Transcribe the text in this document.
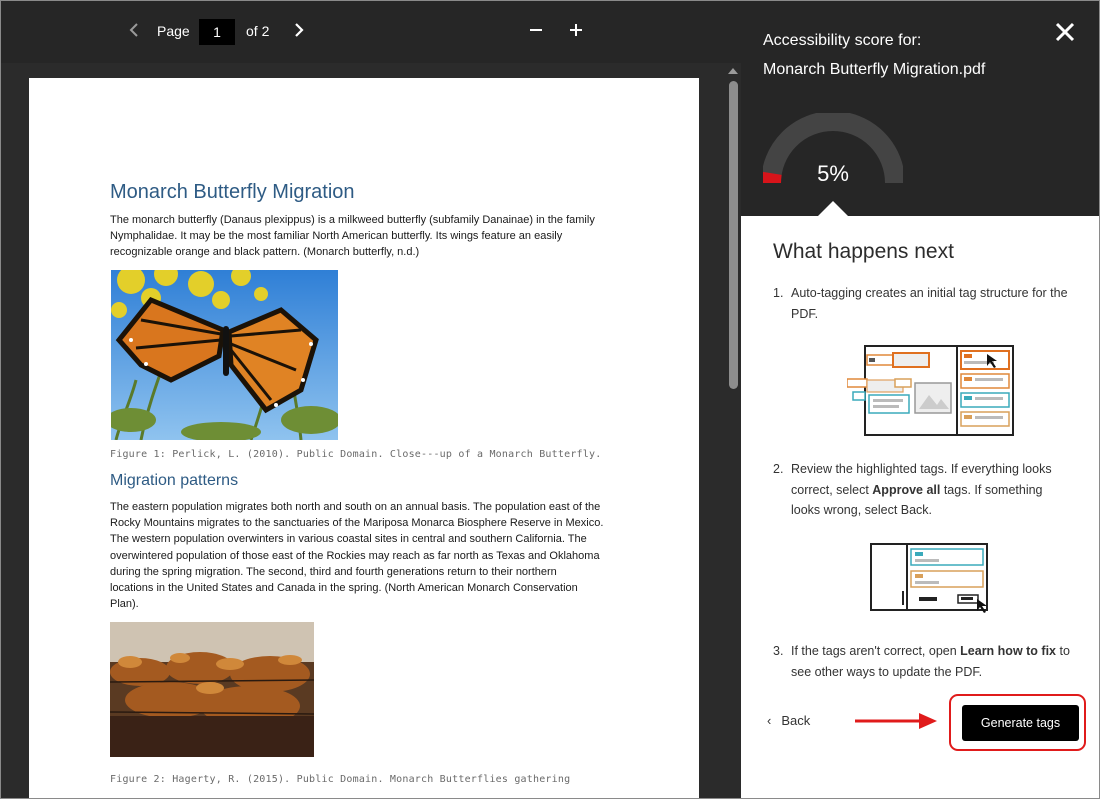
Page
1	of 2
Monarch Butterfly Migration
The monarch butterfly (Danaus plexippus) is a milkweed butterfly (subfamily Danainae) in the family
Nymphalidae. It may be the most familiar North American butterfly. Its wings feature an easily
recognizable orange and black pattern. (Monarch butterfly, n.d.)
Figure 1: Perlick, L. (2010). Public Domain. Close---up of a Monarch Butterfly.
Migration patterns
The eastern population migrates both north and south on an annual basis. The population east of the
Rocky Mountains migrates to the sanctuaries of the Mariposa Monarca Biosphere Reserve in Mexico.
The western population overwinters in various coastal sites in central and southern California. The
overwintered population of those east of the Rockies may reach as far north as Texas and Oklahoma
during the spring migration. The second, third and fourth generations return to their northern
locations in the United States and Canada in the spring. (North American Monarch Conservation
Plan).
Figure 2: Hagerty, R. (2015). Public Domain. Monarch Butterflies gathering
Accessibility score for:
Monarch Butterfly Migration.pdf
5%
What happens next
1. Auto-tagging creates an initial tag structure for the PDF.
2. Review the highlighted tags. If everything looks correct, select Approve all tags. If something looks wrong, select Back.
3. If the tags aren't correct, open Learn how to fix to see other ways to update the PDF.
‹ Back	Generate tags
